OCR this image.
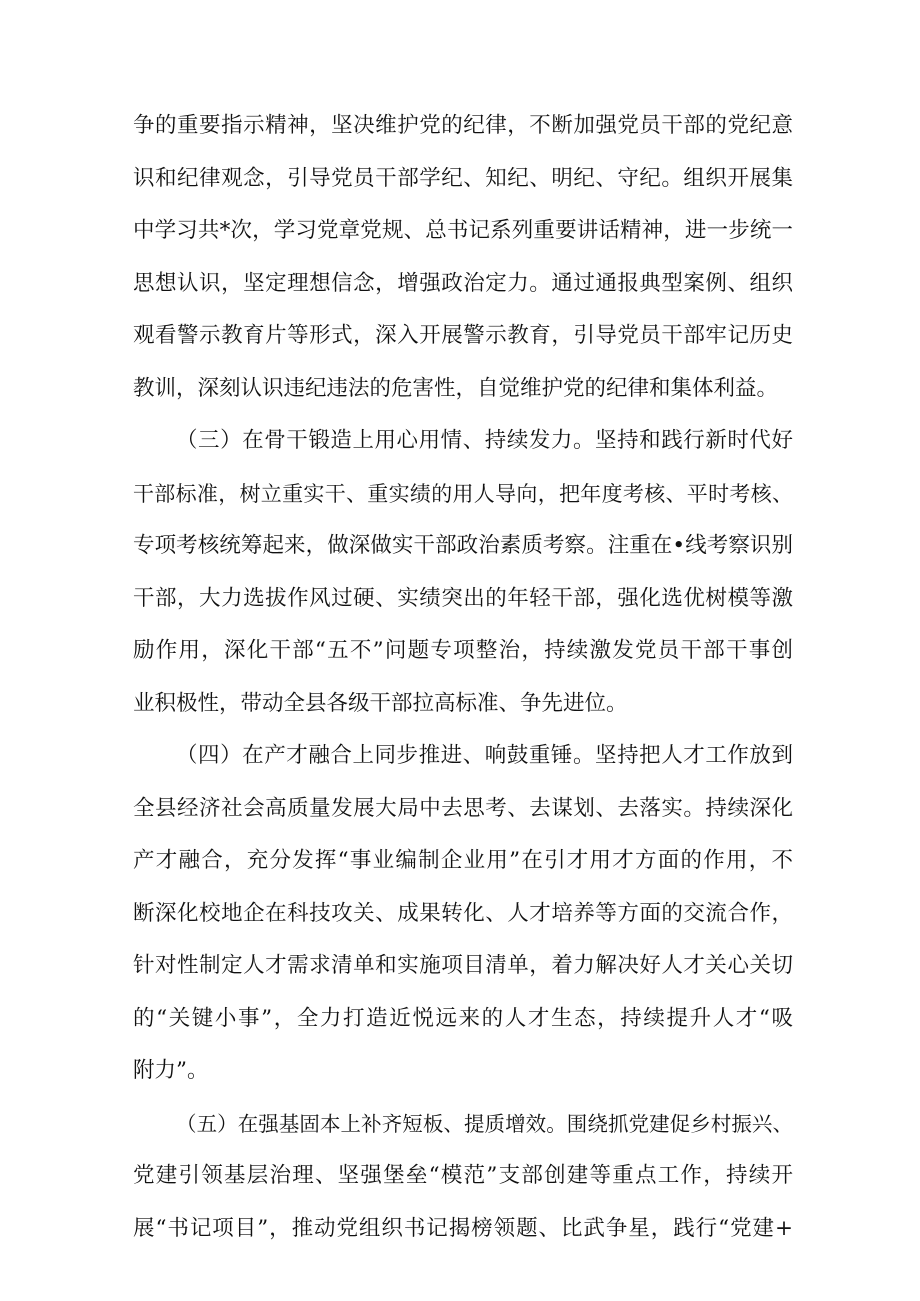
争的重要指示精神，坚决维护党的纪律，不断加强党员干部的党纪意
识和纪律观念，引导党员干部学纪、知纪、明纪、守纪。组织开展集
中学习共*次，学习党章党规、总书记系列重要讲话精神，进一步统一
思想认识，坚定理想信念，增强政治定力。通过通报典型案例、组织
观看警示教育片等形式，深入开展警示教育，引导党员干部牢记历史
教训，深刻认识违纪违法的危害性，自觉维护党的纪律和集体利益。
（三）在骨干锻造上用心用情、持续发力。坚持和践行新时代好
干部标准，树立重实干、重实绩的用人导向，把年度考核、平时考核、
专项考核统筹起来，做深做实干部政治素质考察。注重在•线考察识别
干部，大力选拔作风过硬、实绩突出的年轻干部，强化选优树模等激
励作用，深化干部“五不”问题专项整治，持续激发党员干部干事创
业积极性，带动全县各级干部拉高标准、争先进位。
（四）在产才融合上同步推进、响鼓重锤。坚持把人才工作放到
全县经济社会高质量发展大局中去思考、去谋划、去落实。持续深化
产才融合，充分发挥“事业编制企业用”在引才用才方面的作用，不
断深化校地企在科技攻关、成果转化、人才培养等方面的交流合作，
针对性制定人才需求清单和实施项目清单，着力解决好人才关心关切
的“关键小事”，全力打造近悦远来的人才生态，持续提升人才“吸
附力”。
（五）在强基固本上补齐短板、提质增效。围绕抓党建促乡村振兴、
党建引领基层治理、坚强堡垒“模范”支部创建等重点工作，持续开
展“书记项目”，推动党组织书记揭榜领题、比武争星，践行“党建+
